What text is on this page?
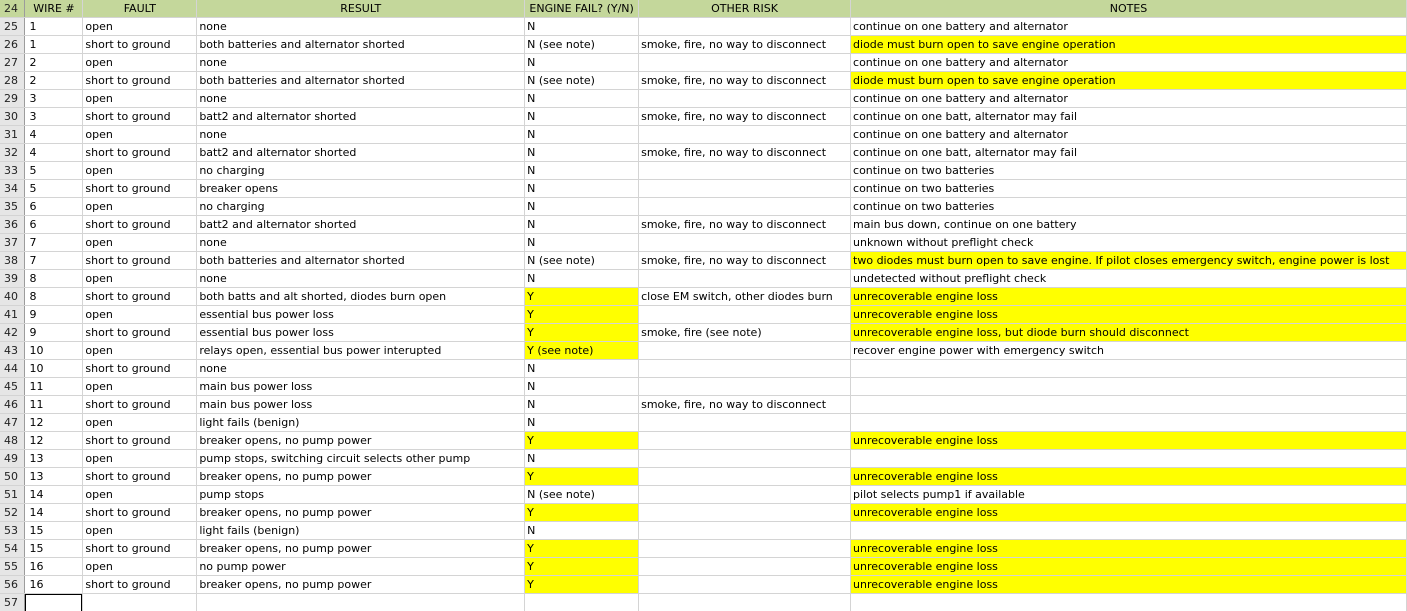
24	WIRE #	FAULT	RESULT	ENGINE FAIL? (Y/N)	OTHER RISK	NOTES
25	1	open	none	N		continue on one battery and alternator
26	1	short to ground	both batteries and alternator shorted	N (see note)	smoke, fire, no way to disconnect	diode must burn open to save engine operation
27	2	open	none	N		continue on one battery and alternator
28	2	short to ground	both batteries and alternator shorted	N (see note)	smoke, fire, no way to disconnect	diode must burn open to save engine operation
29	3	open	none	N		continue on one battery and alternator
30	3	short to ground	batt2 and alternator shorted	N	smoke, fire, no way to disconnect	continue on one batt, alternator may fail
31	4	open	none	N		continue on one battery and alternator
32	4	short to ground	batt2 and alternator shorted	N	smoke, fire, no way to disconnect	continue on one batt, alternator may fail
33	5	open	no charging	N		continue on two batteries
34	5	short to ground	breaker opens	N		continue on two batteries
35	6	open	no charging	N		continue on two batteries
36	6	short to ground	batt2 and alternator shorted	N	smoke, fire, no way to disconnect	main bus down, continue on one battery
37	7	open	none	N		unknown without preflight check
38	7	short to ground	both batteries and alternator shorted	N (see note)	smoke, fire, no way to disconnect	two diodes must burn open to save engine. If pilot closes emergency switch, engine power is lost
39	8	open	none	N		undetected without preflight check
40	8	short to ground	both batts and alt shorted, diodes burn open	Y	close EM switch, other diodes burn	unrecoverable engine loss
41	9	open	essential bus power loss	Y		unrecoverable engine loss
42	9	short to ground	essential bus power loss	Y	smoke, fire (see note)	unrecoverable engine loss, but diode burn should disconnect
43	10	open	relays open, essential bus power interupted	Y (see note)		recover engine power with emergency switch
44	10	short to ground	none	N		
45	11	open	main bus power loss	N		
46	11	short to ground	main bus power loss	N	smoke, fire, no way to disconnect	
47	12	open	light fails (benign)	N		
48	12	short to ground	breaker opens, no pump power	Y		unrecoverable engine loss
49	13	open	pump stops, switching circuit selects other pump	N		
50	13	short to ground	breaker opens, no pump power	Y		unrecoverable engine loss
51	14	open	pump stops	N (see note)		pilot selects pump1 if available
52	14	short to ground	breaker opens, no pump power	Y		unrecoverable engine loss
53	15	open	light fails (benign)	N		
54	15	short to ground	breaker opens, no pump power	Y		unrecoverable engine loss
55	16	open	no pump power	Y		unrecoverable engine loss
56	16	short to ground	breaker opens, no pump power	Y		unrecoverable engine loss
57						
